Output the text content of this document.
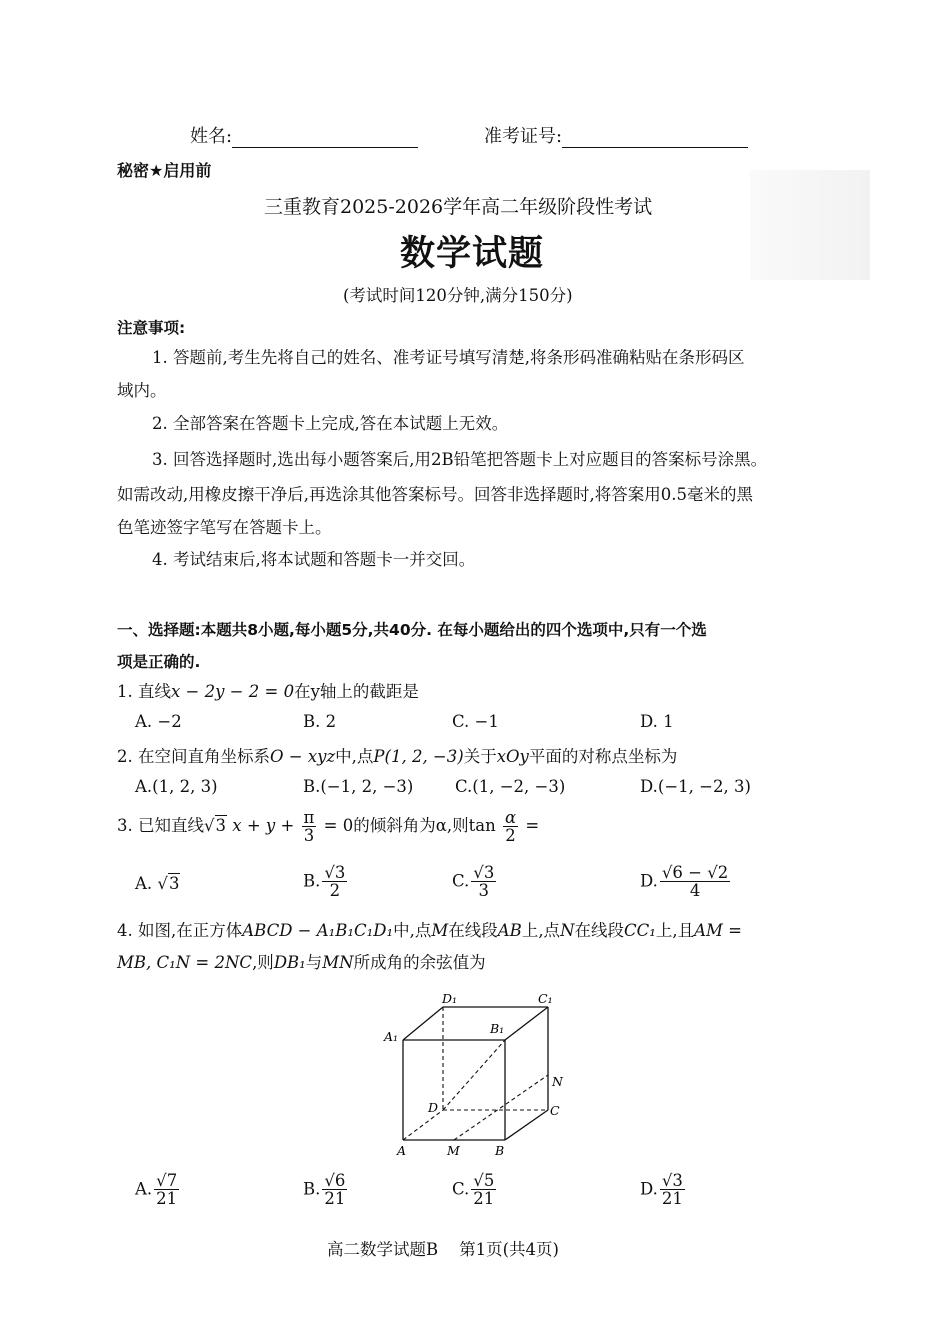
姓名:	准考证号:
秘密★启用前
三重教育2025-2026学年高二年级阶段性考试
数学试题
(考试时间120分钟,满分150分)
注意事项:
1. 答题前,考生先将自己的姓名、准考证号填写清楚,将条形码准确粘贴在条形码区
域内。
2. 全部答案在答题卡上完成,答在本试题上无效。
3. 回答选择题时,选出每小题答案后,用2B铅笔把答题卡上对应题目的答案标号涂黑。
如需改动,用橡皮擦干净后,再选涂其他答案标号。回答非选择题时,将答案用0.5毫米的黑
色笔迹签字笔写在答题卡上。
4. 考试结束后,将本试题和答题卡一并交回。
一、选择题:本题共8小题,每小题5分,共40分. 在每小题给出的四个选项中,只有一个选
项是正确的.
1. 直线x − 2y − 2 = 0在y轴上的截距是
A. −2	B. 2	C. −1	D. 1
2. 在空间直角坐标系O − xyz中,点P(1, 2, −3)关于xOy平面的对称点坐标为
A.(1, 2, 3)	B.(−1, 2, −3)	C.(1, −2, −3)	D.(−1, −2, 3)
3. 已知直线√3 $x + y + \frac{\pi}{3} = 0$的倾斜角为α,则$\tan \frac{\alpha}{2}$ =
A. √3	B. $\frac{√3}{2}$	C. $\frac{√3}{3}$	D. $\frac{√6 - √2}{4}$
4. 如图,在正方体ABCD − A₁B₁C₁D₁中,点M在线段AB上,点N在线段CC₁上,且AM =
MB, C₁N = 2NC,则DB₁与MN所成角的余弦值为
D₁	C₁
A₁
B₁
N
D	C
A	M	B
A. $\frac{√7}{21}$	B. $\frac{√6}{21}$	C. $\frac{√5}{21}$	D. $\frac{√3}{21}$
高二数学试题B 第1页(共4页)
